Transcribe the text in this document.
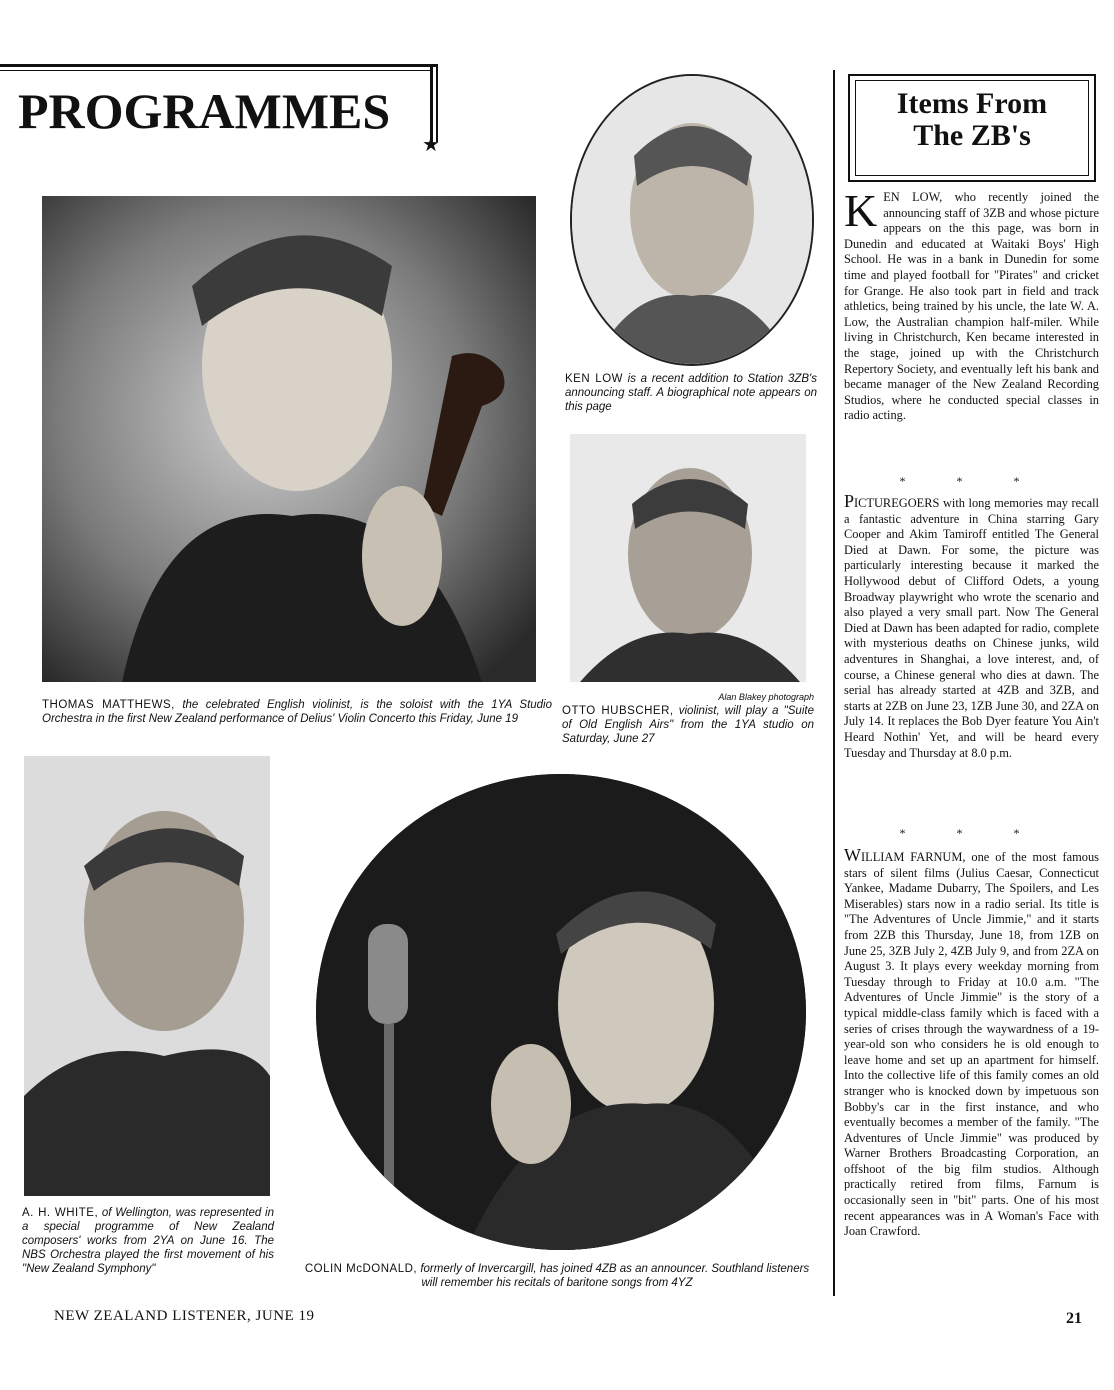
PROGRAMMES
★
THOMAS MATTHEWS, the celebrated English violinist, is the soloist with the 1YA Studio Orchestra in the first New Zealand performance of Delius' Violin Concerto this Friday, June 19
KEN LOW is a recent addition to Station 3ZB's announcing staff. A biographical note appears on this page
Alan Blakey photograph
OTTO HUBSCHER, violinist, will play a "Suite of Old English Airs" from the 1YA studio on Saturday, June 27
A. H. WHITE, of Wellington, was represented in a special programme of New Zealand composers' works from 2YA on June 16. The NBS Orchestra played the first movement of his "New Zealand Symphony"	COLIN McDONALD, formerly of Invercargill, has joined 4ZB as an announcer. Southland listeners will remember his recitals of baritone songs from 4YZ
Items From
The ZB's
KEN LOW, who recently joined the announcing staff of 3ZB and whose picture appears on the this page, was born in Dunedin and educated at Waitaki Boys' High School. He was in a bank in Dunedin for some time and played football for "Pirates" and cricket for Grange. He also took part in field and track athletics, being trained by his uncle, the late W. A. Low, the Australian champion half-miler. While living in Christchurch, Ken became interested in the stage, joined up with the Christchurch Repertory Society, and eventually left his bank and became manager of the New Zealand Recording Studios, where he conducted special classes in radio acting.
* * *
PICTUREGOERS with long memories may recall a fantastic adventure in China starring Gary Cooper and Akim Tamiroff entitled The General Died at Dawn. For some, the picture was particularly interesting because it marked the Hollywood debut of Clifford Odets, a young Broadway playwright who wrote the scenario and also played a very small part. Now The General Died at Dawn has been adapted for radio, complete with mysterious deaths on Chinese junks, wild adventures in Shanghai, a love interest, and, of course, a Chinese general who dies at dawn. The serial has already started at 4ZB and 3ZB, and starts at 2ZB on June 23, 1ZB June 30, and 2ZA on July 14. It replaces the Bob Dyer feature You Ain't Heard Nothin' Yet, and will be heard every Tuesday and Thursday at 8.0 p.m.
* * *
WILLIAM FARNUM, one of the most famous stars of silent films (Julius Caesar, Connecticut Yankee, Madame Dubarry, The Spoilers, and Les Miserables) stars now in a radio serial. Its title is "The Adventures of Uncle Jimmie," and it starts from 2ZB this Thursday, June 18, from 1ZB on June 25, 3ZB July 2, 4ZB July 9, and from 2ZA on August 3. It plays every weekday morning from Tuesday through to Friday at 10.0 a.m. "The Adventures of Uncle Jimmie" is the story of a typical middle-class family which is faced with a series of crises through the waywardness of a 19-year-old son who considers he is old enough to leave home and set up an apartment for himself. Into the collective life of this family comes an old stranger who is knocked down by impetuous son Bobby's car in the first instance, and who eventually becomes a member of the family. "The Adventures of Uncle Jimmie" was produced by Warner Brothers Broadcasting Corporation, an offshoot of the big film studios. Although practically retired from films, Farnum is occasionally seen in "bit" parts. One of his most recent appearances was in A Woman's Face with Joan Crawford.
NEW ZEALAND LISTENER, JUNE 19	21
